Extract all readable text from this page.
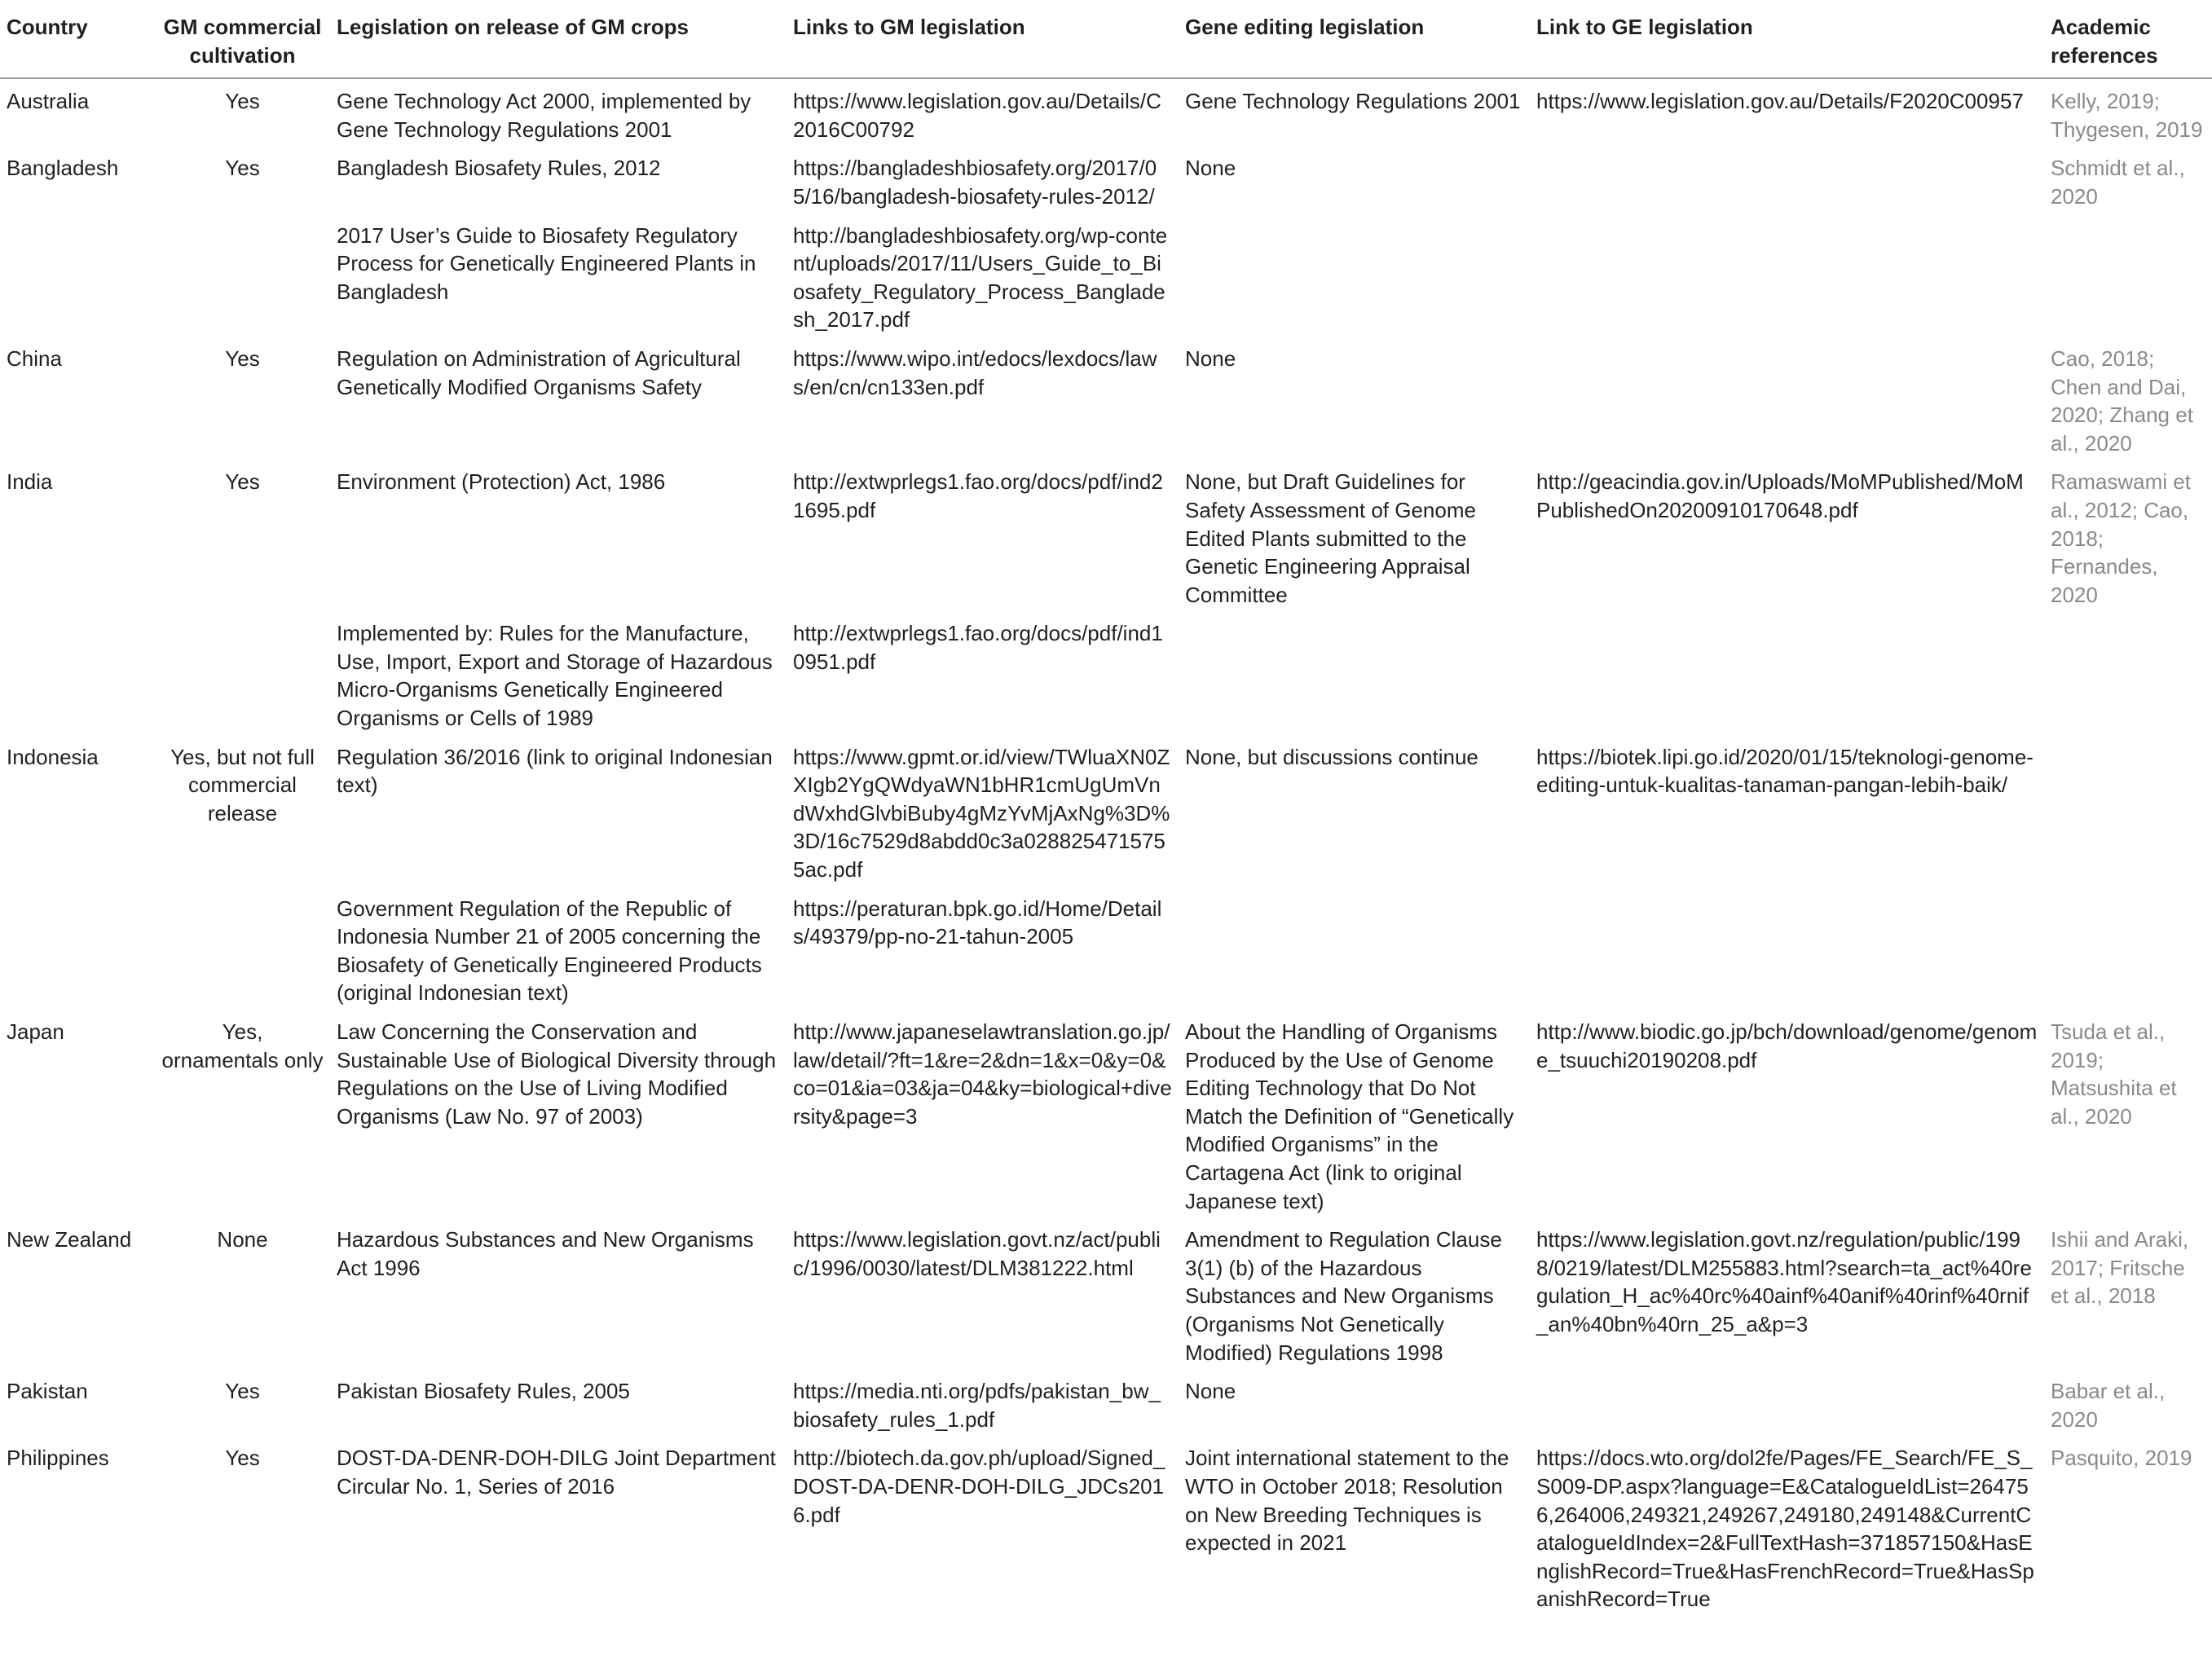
Country	GM commercial cultivation	Legislation on release of GM crops	Links to GM legislation	Gene editing legislation	Link to GE legislation	Academic references
Australia	Yes	Gene Technology Act 2000, implemented by Gene Technology Regulations 2001	https://www.legislation.gov.au/Details/C2016C00792	Gene Technology Regulations 2001	https://www.legislation.gov.au/Details/F2020C00957	Kelly, 2019; Thygesen, 2019
Bangladesh	Yes	Bangladesh Biosafety Rules, 2012	https://bangladeshbiosafety.org/2017/05/16/bangladesh-biosafety-rules-2012/	None		Schmidt et al., 2020
		2017 User’s Guide to Biosafety Regulatory Process for Genetically Engineered Plants in Bangladesh	http://bangladeshbiosafety.org/wp-content/uploads/2017/11/Users_Guide_to_Biosafety_Regulatory_Process_Bangladesh_2017.pdf			
China	Yes	Regulation on Administration of Agricultural Genetically Modified Organisms Safety	https://www.wipo.int/edocs/lexdocs/laws/en/cn/cn133en.pdf	None		Cao, 2018; Chen and Dai, 2020; Zhang et al., 2020
India	Yes	Environment (Protection) Act, 1986	http://extwprlegs1.fao.org/docs/pdf/ind21695.pdf	None, but Draft Guidelines for Safety Assessment of Genome Edited Plants submitted to the Genetic Engineering Appraisal Committee	http://geacindia.gov.in/Uploads/MoMPublished/MoMPublishedOn20200910170648.pdf	Ramaswami et al., 2012; Cao, 2018; Fernandes, 2020
		Implemented by: Rules for the Manufacture, Use, Import, Export and Storage of Hazardous Micro-Organisms Genetically Engineered Organisms or Cells of 1989	http://extwprlegs1.fao.org/docs/pdf/ind10951.pdf			
Indonesia	Yes, but not full commercial release	Regulation 36/2016 (link to original Indonesian text)	https://www.gpmt.or.id/view/TWluaXN0ZXIgb2YgQWdyaWN1bHR1cmUgUmVndWxhdGlvbiBuby4gMzYvMjAxNg%3D%3D/16c7529d8abdd0c3a0288254715755ac.pdf	None, but discussions continue	https://biotek.lipi.go.id/2020/01/15/teknologi-genome-editing-untuk-kualitas-tanaman-pangan-lebih-baik/	
		Government Regulation of the Republic of Indonesia Number 21 of 2005 concerning the Biosafety of Genetically Engineered Products (original Indonesian text)	https://peraturan.bpk.go.id/Home/Details/49379/pp-no-21-tahun-2005			
Japan	Yes, ornamentals only	Law Concerning the Conservation and Sustainable Use of Biological Diversity through Regulations on the Use of Living Modified Organisms (Law No. 97 of 2003)	http://www.japaneselawtranslation.go.jp/law/detail/?ft=1&re=2&dn=1&x=0&y=0&co=01&ia=03&ja=04&ky=biological+diversity&page=3	About the Handling of Organisms Produced by the Use of Genome Editing Technology that Do Not Match the Definition of “Genetically Modified Organisms” in the Cartagena Act (link to original Japanese text)	http://www.biodic.go.jp/bch/download/genome/genome_tsuuchi20190208.pdf	Tsuda et al., 2019; Matsushita et al., 2020
New Zealand	None	Hazardous Substances and New Organisms Act 1996	https://www.legislation.govt.nz/act/public/1996/0030/latest/DLM381222.html	Amendment to Regulation Clause 3(1) (b) of the Hazardous Substances and New Organisms (Organisms Not Genetically Modified) Regulations 1998	https://www.legislation.govt.nz/regulation/public/1998/0219/latest/DLM255883.html?search=ta_act%40regulation_H_ac%40rc%40ainf%40anif%40rinf%40rnif_an%40bn%40rn_25_a&p=3	Ishii and Araki, 2017; Fritsche et al., 2018
Pakistan	Yes	Pakistan Biosafety Rules, 2005	https://media.nti.org/pdfs/pakistan_bw_biosafety_rules_1.pdf	None		Babar et al., 2020
Philippines	Yes	DOST-DA-DENR-DOH-DILG Joint Department Circular No. 1, Series of 2016	http://biotech.da.gov.ph/upload/Signed_DOST-DA-DENR-DOH-DILG_JDCs2016.pdf	Joint international statement to the WTO in October 2018; Resolution on New Breeding Techniques is expected in 2021	https://docs.wto.org/dol2fe/Pages/FE_Search/FE_S_S009-DP.aspx?language=E&CatalogueIdList=264756,264006,249321,249267,249180,249148&CurrentCatalogueIdIndex=2&FullTextHash=371857150&HasEnglishRecord=True&HasFrenchRecord=True&HasSpanishRecord=True	Pasquito, 2019
